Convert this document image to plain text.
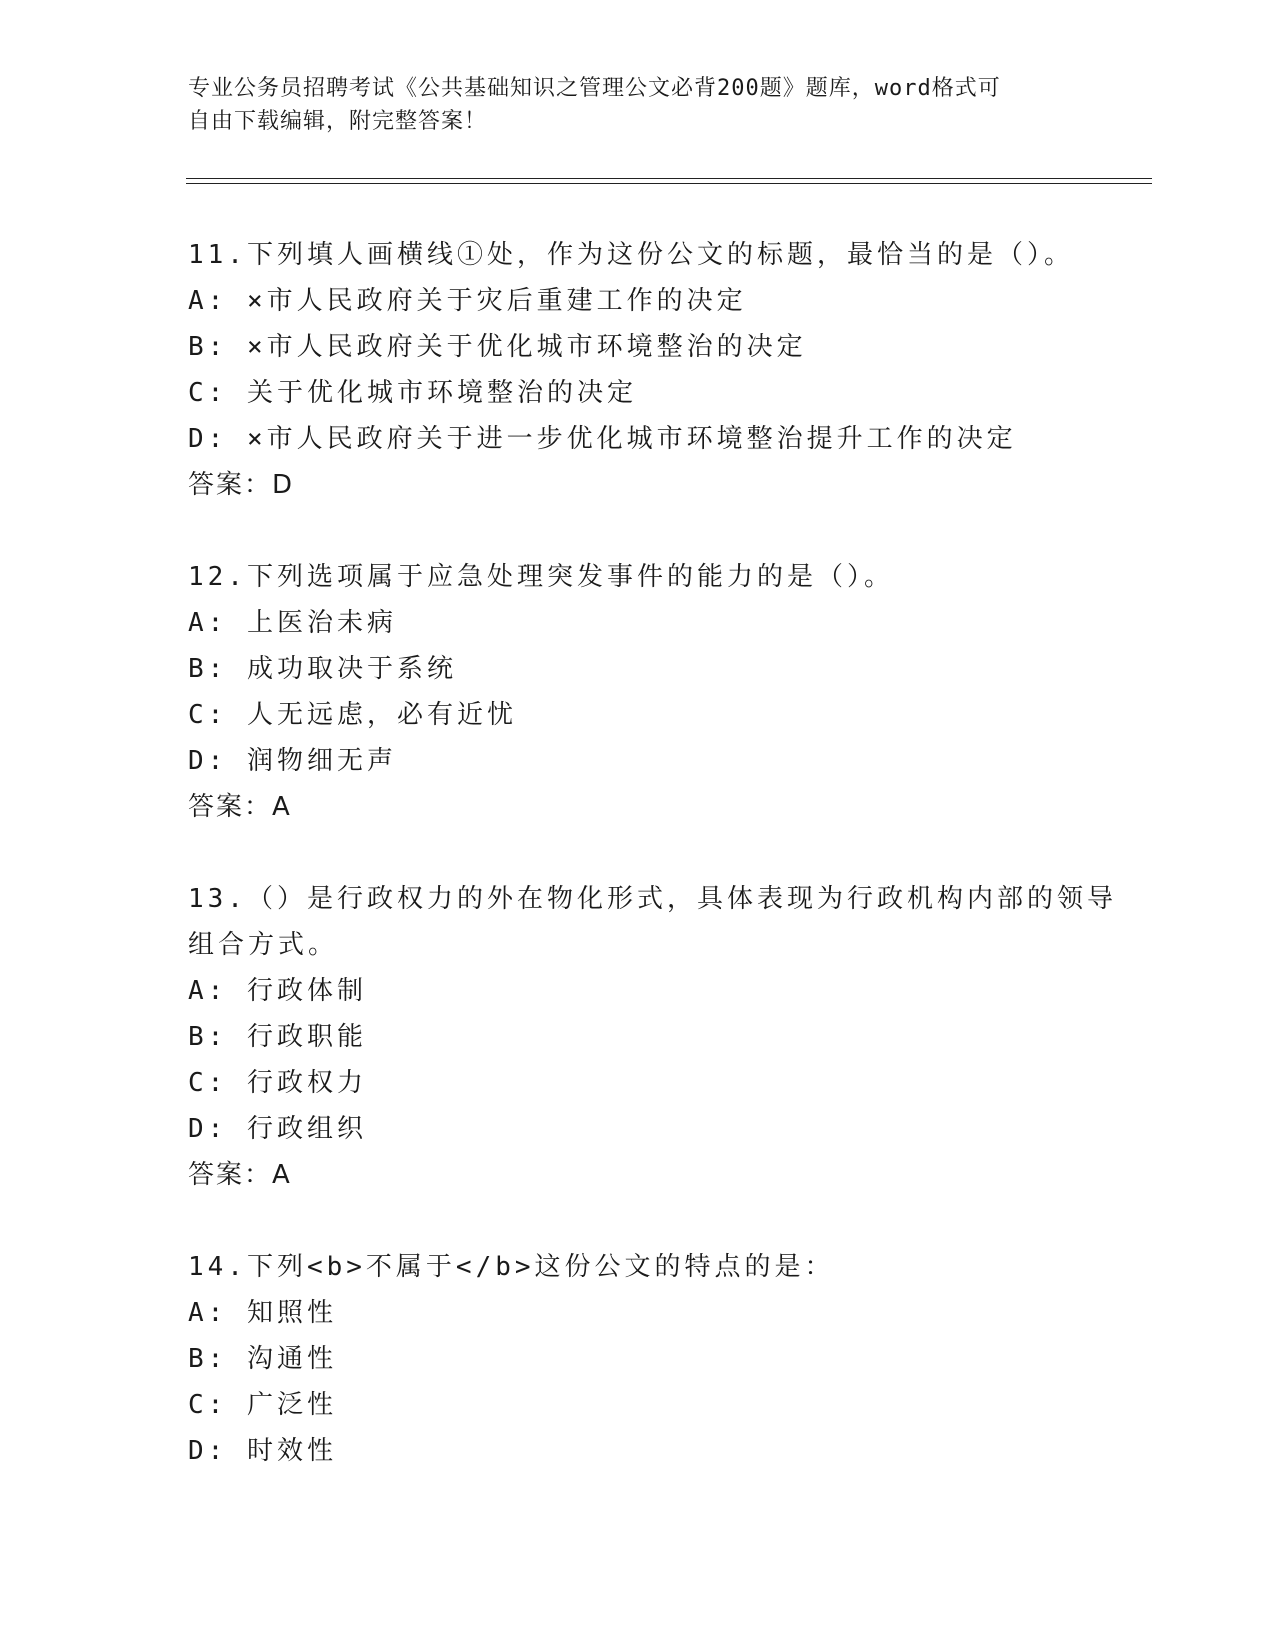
专业公务员招聘考试《公共基础知识之管理公文必背200题》题库，word格式可
自由下载编辑，附完整答案！
11.下列填人画横线①处，作为这份公文的标题，最恰当的是（）。
A: ×市人民政府关于灾后重建工作的决定
B: ×市人民政府关于优化城市环境整治的决定
C: 关于优化城市环境整治的决定
D: ×市人民政府关于进一步优化城市环境整治提升工作的决定
答案：D
12.下列选项属于应急处理突发事件的能力的是（）。
A: 上医治未病
B: 成功取决于系统
C: 人无远虑，必有近忧
D: 润物细无声
答案：A
13.（）是行政权力的外在物化形式，具体表现为行政机构内部的领导
组合方式。
A: 行政体制
B: 行政职能
C: 行政权力
D: 行政组织
答案：A
14.下列<b>不属于</b>这份公文的特点的是：
A: 知照性
B: 沟通性
C: 广泛性
D: 时效性
